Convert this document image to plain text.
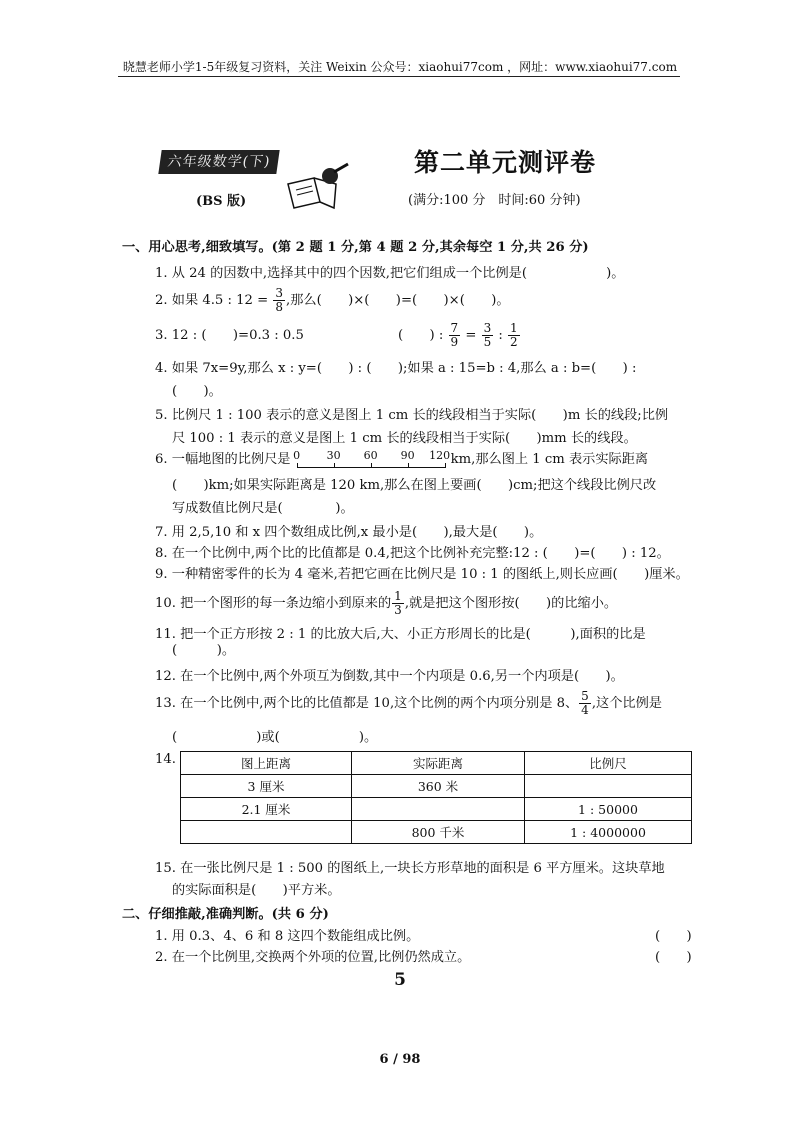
晓慧老师小学1-5年级复习资料，关注 Weixin 公众号：xiaohui77com ，网址：www.xiaohui77.com
六年级数学(下)
(BS 版)
第二单元测评卷
(满分:100 分　时间:60 分钟)
一、用心思考,细致填写。(第 2 题 1 分,第 4 题 2 分,其余每空 1 分,共 26 分)
1. 从 24 的因数中,选择其中的四个因数,把它们组成一个比例是(　　　　　　)。
2. 如果 4.5 : $12 = \frac{3}{8}$ ,那么(　　)×(　　)=(　　)×(　　)。
3. 12 : (　　)=0.3 : 0.5	(　　) : $\frac{7}{9} = \frac{3}{5}$ : $\frac{1}{2}$
4. 如果 7x=9y,那么 x : y=(　　) : (　　);如果 a : 15=b : 4,那么 a : b=(　　) :
(　　)。
5. 比例尺 1 : 100 表示的意义是图上 1 cm 长的线段相当于实际(　　)m 长的线段;比例
尺 100 : 1 表示的意义是图上 1 cm 长的线段相当于实际(　　)mm 长的线段。
6. 一幅地图的比例尺是 0 30 60 90 120 km,那么图上 1 cm 表示实际距离
(　　)km;如果实际距离是 120 km,那么在图上要画(　　)cm;把这个线段比例尺改
写成数值比例尺是(　　　　)。
7. 用 2,5,10 和 x 四个数组成比例,x 最小是(　　),最大是(　　)。
8. 在一个比例中,两个比的比值都是 0.4,把这个比例补充完整:12 : (　　)=(　　) : 12。
9. 一种精密零件的长为 4 毫米,若把它画在比例尺是 10 : 1 的图纸上,则长应画(　　)厘米。
10. 把一个图形的每一条边缩小到原来的 $\frac{1}{3}$ ,就是把这个图形按(　　)的比缩小。
11. 把一个正方形按 2 : 1 的比放大后,大、小正方形周长的比是(　　　),面积的比是
(　　　)。
12. 在一个比例中,两个外项互为倒数,其中一个内项是 0.6,另一个内项是(　　)。
13. 在一个比例中,两个比的比值都是 10,这个比例的两个内项分别是 8、 $\frac{5}{4}$ ,这个比例是
(　　　　　　)或(　　　　　　)。
14.	图上距离	实际距离	比例尺
3 厘米	360 米	
2.1 厘米		1 : 50000
	800 千米	1 : 4000000
15. 在一张比例尺是 1 : 500 的图纸上,一块长方形草地的面积是 6 平方厘米。这块草地
的实际面积是(　　)平方米。
二、仔细推敲,准确判断。(共 6 分)
1. 用 0.3、4、6 和 8 这四个数能组成比例。	(　　)
2. 在一个比例里,交换两个外项的位置,比例仍然成立。	(　　)
5
6 / 98
